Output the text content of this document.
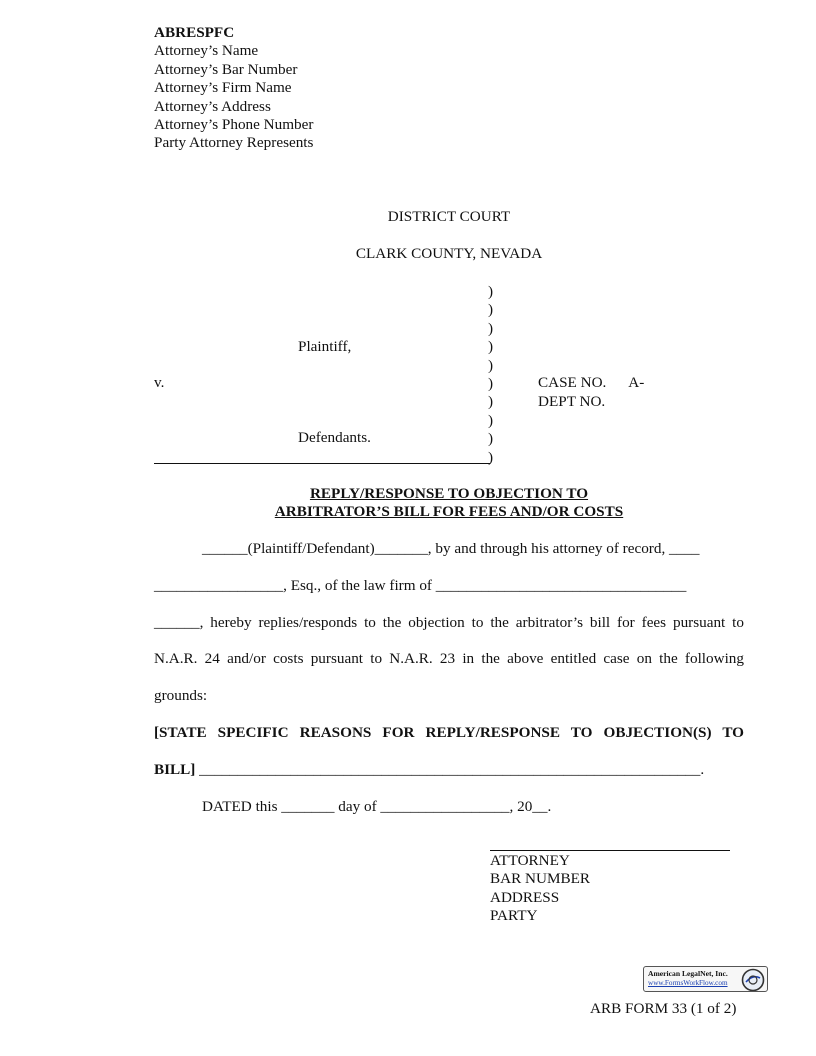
ABRESPFC
Attorney’s Name
Attorney’s Bar Number
Attorney’s Firm Name
Attorney’s Address
Attorney’s Phone Number
Party Attorney Represents
DISTRICT COURT
CLARK COUNTY, NEVADA
Plaintiff,
v.
Defendants.
)
)
)
)
)
)
)
)
)
)
CASE NO.      A-
DEPT NO.
REPLY/RESPONSE TO OBJECTION TO
ARBITRATOR’S BILL FOR FEES AND/OR COSTS
______(Plaintiff/Defendant)_______, by and through his attorney of record, ____
_________________, Esq., of the law firm of _________________________________
______, hereby replies/responds to the objection to the arbitrator’s bill for fees pursuant to
N.A.R. 24 and/or costs pursuant to N.A.R. 23 in the above entitled case on the following
grounds:
[STATE SPECIFIC REASONS FOR REPLY/RESPONSE TO OBJECTION(S) TO
BILL] __________________________________________________________________.
DATED this _______ day of _________________, 20__.
ATTORNEY
BAR NUMBER
ADDRESS
PARTY
American LegalNet, Inc.
www.FormsWorkFlow.com
ARB FORM 33 (1 of 2)
